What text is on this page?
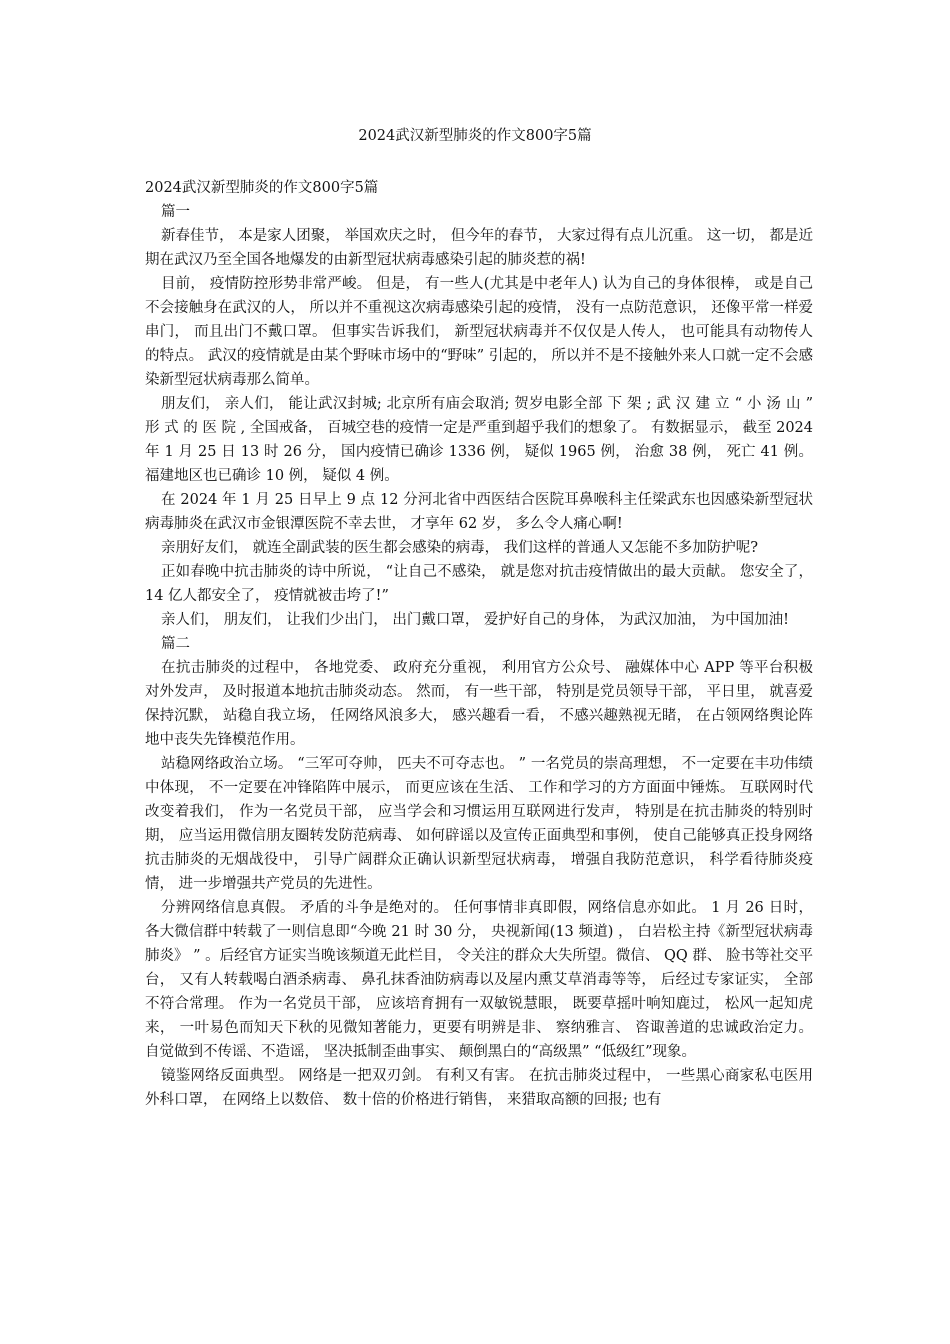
2024武汉新型肺炎的作文800字5篇

2024武汉新型肺炎的作文800字5篇

篇一

新春佳节， 本是家人团聚， 举国欢庆之时， 但今年的春节， 大家过得有点儿沉重。 这一切， 都是近期在武汉乃至全国各地爆发的由新型冠状病毒感染引起的肺炎惹的祸!

目前， 疫情防控形势非常严峻。 但是， 有一些人(尤其是中老年人) 认为自己的身体很棒， 或是自己不会接触身在武汉的人， 所以并不重视这次病毒感染引起的疫情， 没有一点防范意识， 还像平常一样爱串门， 而且出门不戴口罩。 但事实告诉我们， 新型冠状病毒并不仅仅是人传人， 也可能具有动物传人的特点。 武汉的疫情就是由某个野味市场中的“野味” 引起的， 所以并不是不接触外来人口就一定不会感染新型冠状病毒那么简单。

朋友们， 亲人们， 能让武汉封城; 北京所有庙会取消; 贺岁电影全部 下 架 ; 武 汉 建 立 “ 小 汤 山 ” 形 式 的 医 院 , 全国戒备， 百城空巷的疫情一定是严重到超乎我们的想象了。 有数据显示， 截至 2024 年 1 月 25 日 13 时 26 分， 国内疫情已确诊 1336 例， 疑似 1965 例， 治愈 38 例， 死亡 41 例。 福建地区也已确诊 10 例， 疑似 4 例。

在 2024 年 1 月 25 日早上 9 点 12 分河北省中西医结合医院耳鼻喉科主任梁武东也因感染新型冠状病毒肺炎在武汉市金银潭医院不幸去世， 才享年 62 岁， 多么令人痛心啊!

亲朋好友们， 就连全副武装的医生都会感染的病毒， 我们这样的普通人又怎能不多加防护呢?

正如春晚中抗击肺炎的诗中所说， “让自己不感染， 就是您对抗击疫情做出的最大贡献。 您安全了， 14 亿人都安全了， 疫情就被击垮了!”

亲人们， 朋友们， 让我们少出门， 出门戴口罩， 爱护好自己的身体， 为武汉加油， 为中国加油!

篇二

在抗击肺炎的过程中， 各地党委、 政府充分重视， 利用官方公众号、 融媒体中心 APP 等平台积极对外发声， 及时报道本地抗击肺炎动态。 然而， 有一些干部， 特别是党员领导干部， 平日里， 就喜爱保持沉默， 站稳自我立场， 任网络风浪多大， 感兴趣看一看， 不感兴趣熟视无睹， 在占领网络舆论阵地中丧失先锋模范作用。

站稳网络政治立场。 “三军可夺帅， 匹夫不可夺志也。 ” 一名党员的崇高理想， 不一定要在丰功伟绩中体现， 不一定要在冲锋陷阵中展示， 而更应该在生活、 工作和学习的方方面面中锤炼。 互联网时代改变着我们， 作为一名党员干部， 应当学会和习惯运用互联网进行发声， 特别是在抗击肺炎的特别时期， 应当运用微信朋友圈转发防范病毒、 如何辟谣以及宣传正面典型和事例， 使自己能够真正投身网络抗击肺炎的无烟战役中， 引导广阔群众正确认识新型冠状病毒， 增强自我防范意识， 科学看待肺炎疫情， 进一步增强共产党员的先进性。

分辨网络信息真假。 矛盾的斗争是绝对的。 任何事情非真即假，网络信息亦如此。 1 月 26 日时， 各大微信群中转载了一则信息即“今晚 21 时 30 分， 央视新闻(13 频道) ， 白岩松主持《新型冠状病毒肺炎》 ” 。后经官方证实当晚该频道无此栏目， 令关注的群众大失所望。微信、 QQ 群、 脸书等社交平台， 又有人转载喝白酒杀病毒、 鼻孔抹香油防病毒以及屋内熏艾草消毒等等， 后经过专家证实， 全部不符合常理。 作为一名党员干部， 应该培育拥有一双敏锐慧眼， 既要草摇叶响知鹿过， 松风一起知虎来， 一叶易色而知天下秋的见微知著能力，更要有明辨是非、 察纳雅言、 咨诹善道的忠诚政治定力。 自觉做到不传谣、不造谣， 坚决抵制歪曲事实、 颠倒黑白的“高级黑” “低级红”现象。

镜鉴网络反面典型。 网络是一把双刃剑。 有利又有害。 在抗击肺炎过程中， 一些黑心商家私屯医用外科口罩， 在网络上以数倍、 数十倍的价格进行销售， 来猎取高额的回报; 也有
